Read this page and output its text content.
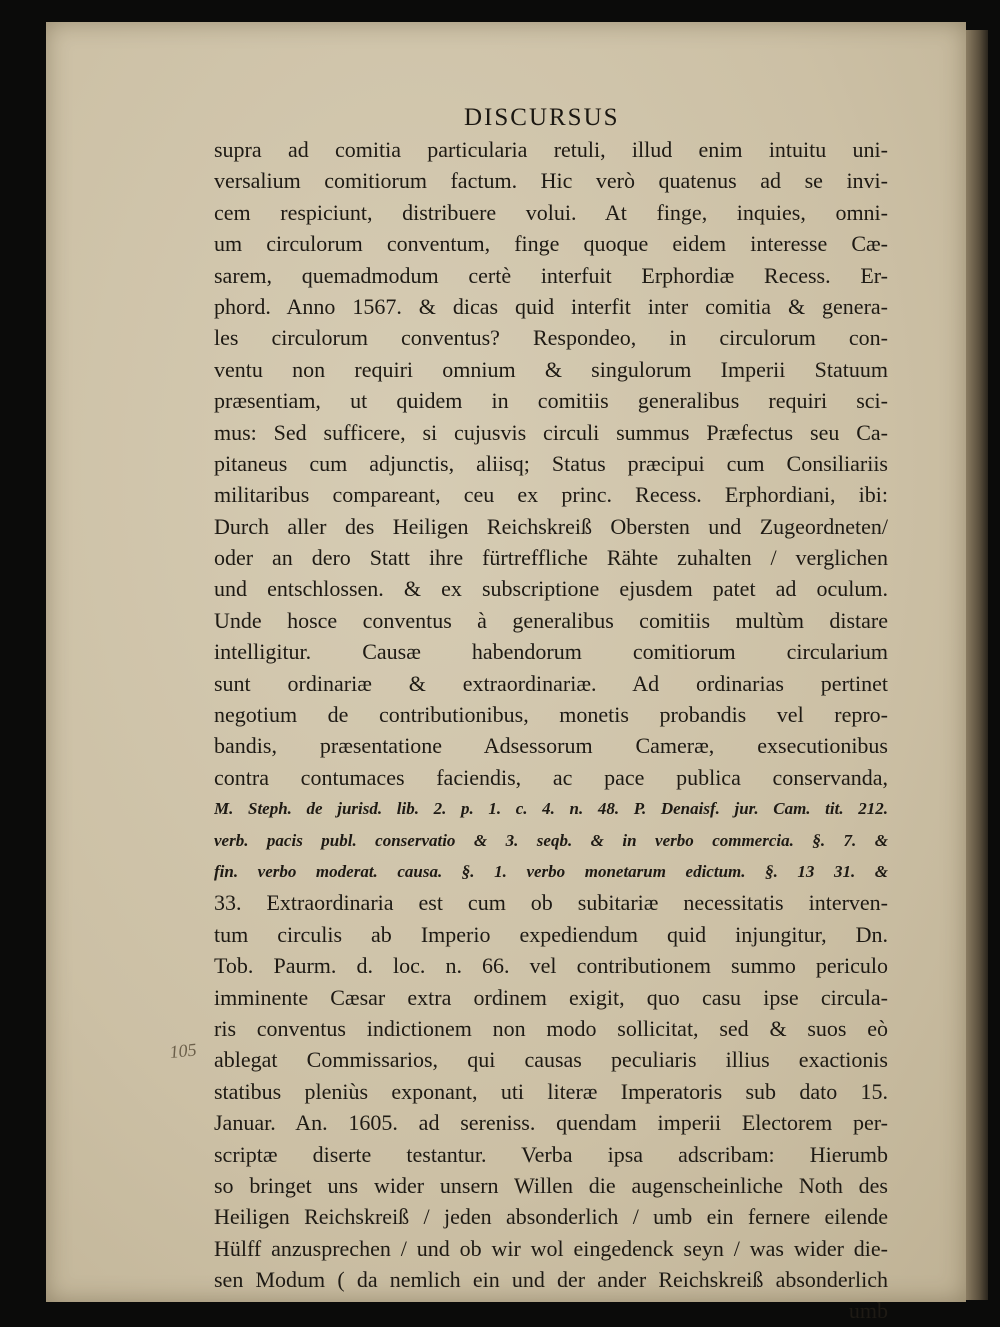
DISCURSUS
105
supra ad comitia particularia retuli, illud enim intuitu uni-
versalium comitiorum factum. Hic verò quatenus ad se invi-
cem respiciunt, distribuere volui. At finge, inquies, omni-
um circulorum conventum, finge quoque eidem interesse Cæ-
sarem, quemadmodum certè interfuit Erphordiæ Recess. Er-
phord. Anno 1567. & dicas quid interfit inter comitia & genera-
les circulorum conventus? Respondeo, in circulorum con-
ventu non requiri omnium & singulorum Imperii Statuum
præsentiam, ut quidem in comitiis generalibus requiri sci-
mus: Sed sufficere, si cujusvis circuli summus Præfectus seu Ca-
pitaneus cum adjunctis, aliisq; Status præcipui cum Consiliariis
militaribus compareant, ceu ex princ. Recess. Erphordiani, ibi:
Durch aller des Heiligen Reichskreiß Obersten und Zugeordneten/
oder an dero Statt ihre fürtreffliche Rähte zuhalten / verglichen
und entschlossen. & ex subscriptione ejusdem patet ad oculum.
Unde hosce conventus à generalibus comitiis multùm distare
intelligitur. Causæ habendorum comitiorum circularium
sunt ordinariæ & extraordinariæ. Ad ordinarias pertinet
negotium de contributionibus, monetis probandis vel repro-
bandis, præsentatione Adsessorum Cameræ, exsecutionibus
contra contumaces faciendis, ac pace publica conservanda,
M. Steph. de jurisd. lib. 2. p. 1. c. 4. n. 48. P. Denaisf. jur. Cam. tit. 212.
verb. pacis publ. conservatio & 3. seqb. & in verbo commercia. §. 7. &
fin. verbo moderat. causa. §. 1. verbo monetarum edictum. §. 13 31. &
33. Extraordinaria est cum ob subitariæ necessitatis interven-
tum circulis ab Imperio expediendum quid injungitur, Dn.
Tob. Paurm. d. loc. n. 66. vel contributionem summo periculo
imminente Cæsar extra ordinem exigit, quo casu ipse circula-
ris conventus indictionem non modo sollicitat, sed & suos eò
ablegat Commissarios, qui causas peculiaris illius exactionis
statibus pleniùs exponant, uti literæ Imperatoris sub dato 15.
Januar. An. 1605. ad sereniss. quendam imperii Electorem per-
scriptæ diserte testantur. Verba ipsa adscribam: Hierumb
so bringet uns wider unsern Willen die augenscheinliche Noth des
Heiligen Reichskreiß / jeden absonderlich / umb ein fernere eilende
Hülff anzusprechen / und ob wir wol eingedenck seyn / was wider die-
sen Modum ( da nemlich ein und der ander Reichskreiß absonderlich
umb
